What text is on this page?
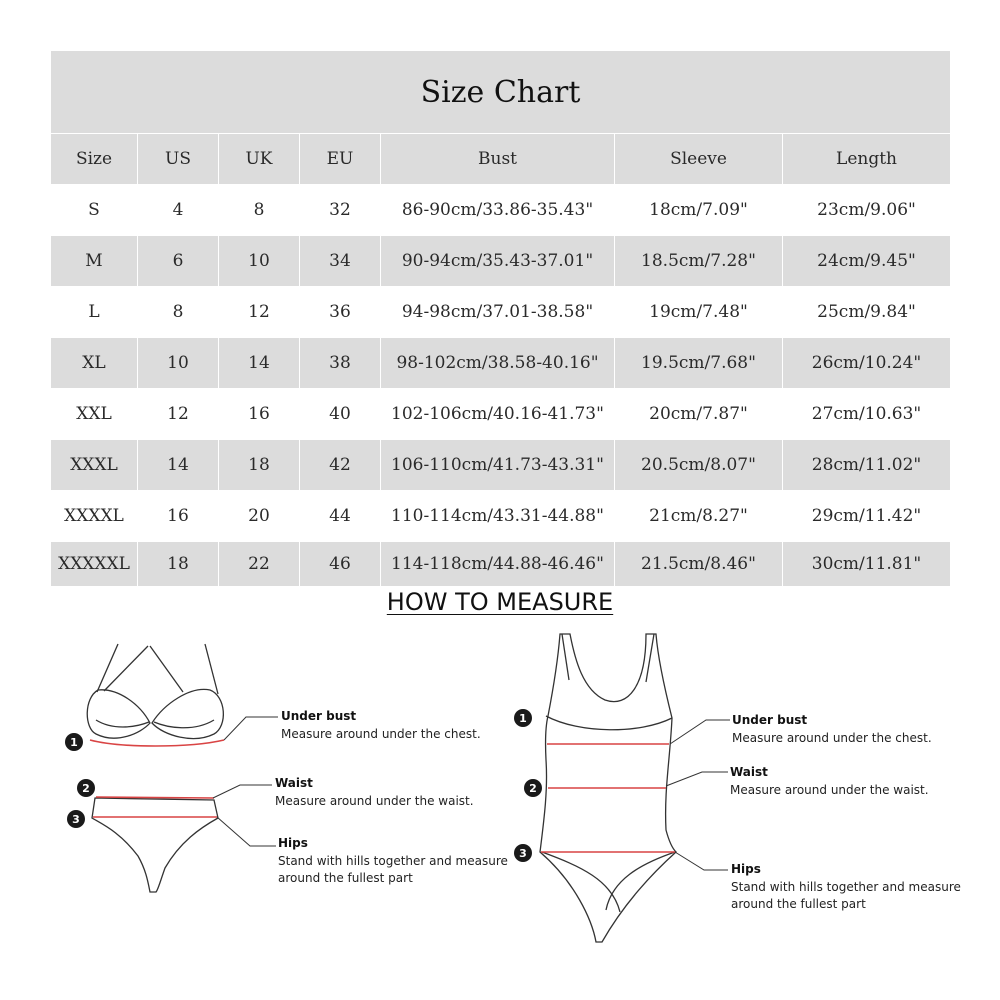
Size Chart						
Size	US	UK	EU	Bust	Sleeve	Length
S	4	8	32	86-90cm/33.86-35.43"	18cm/7.09"	23cm/9.06"
M	6	10	34	90-94cm/35.43-37.01"	18.5cm/7.28"	24cm/9.45"
L	8	12	36	94-98cm/37.01-38.58"	19cm/7.48"	25cm/9.84"
XL	10	14	38	98-102cm/38.58-40.16"	19.5cm/7.68"	26cm/10.24"
XXL	12	16	40	102-106cm/40.16-41.73"	20cm/7.87"	27cm/10.63"
XXXL	14	18	42	106-110cm/41.73-43.31"	20.5cm/8.07"	28cm/11.02"
XXXXL	16	20	44	110-114cm/43.31-44.88"	21cm/8.27"	29cm/11.42"
XXXXXL	18	22	46	114-118cm/44.88-46.46"	21.5cm/8.46"	30cm/11.81"
HOW TO MEASURE
1
2
3
1
2
3
Under bust
Measure around under the chest.
Waist
Measure around under the waist.
Hips
Stand with hills together and measure
around the fullest part
Under bust
Measure around under the chest.
Waist
Measure around under the waist.
Hips
Stand with hills together and measure
around the fullest part
